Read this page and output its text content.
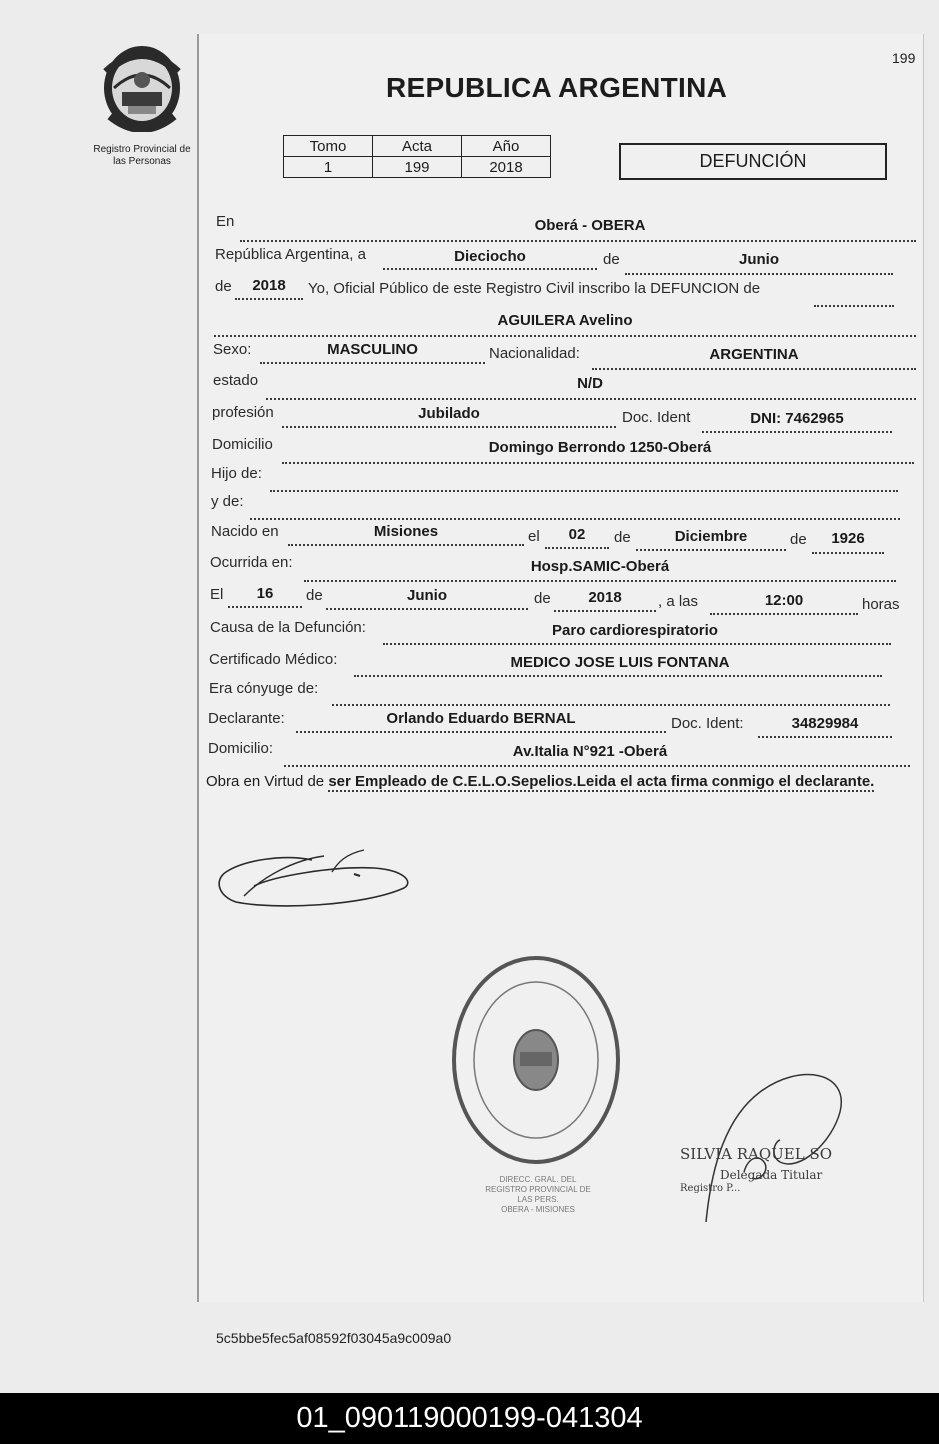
Registro Provincial de
las Personas
199
REPUBLICA ARGENTINA
Tomo	Acta	Año
1	199	2018	DEFUNCIÓN
En	Oberá - OBERA
República Argentina, a	Dieciocho	de	Junio
de	2018	Yo, Oficial Público de este Registro Civil inscribo la DEFUNCION de
AGUILERA Avelino
Sexo:	MASCULINO	Nacionalidad:	ARGENTINA
estado	N/D
profesión	Jubilado	Doc. Ident	DNI: 7462965
Domicilio	Domingo Berrondo 1250-Oberá
Hijo de:
y de:
Nacido en	Misiones	el	02	de	Diciembre	de	1926
Ocurrida en:	Hosp.SAMIC-Oberá
El	16	de	Junio	de	2018	, a las	12:00	horas
Causa de la Defunción:	Paro cardiorespiratorio
Certificado Médico:	MEDICO JOSE LUIS FONTANA
Era cónyuge de:
Declarante:	Orlando Eduardo BERNAL	Doc. Ident:	34829984
Domicilio:	Av.Italia N°921 -Oberá
Obra en Virtud de ser Empleado de C.E.L.O.Sepelios.Leida el acta firma conmigo el declarante.
DIRECC. GRAL. DEL REGISTRO PROVINCIAL DE LAS PERS.
OBERA - MISIONES
SILVIA RAQUEL SO
Delegada Titular
Registro P...
5c5bbe5fec5af08592f03045a9c009a0
01_090119000199-041304
